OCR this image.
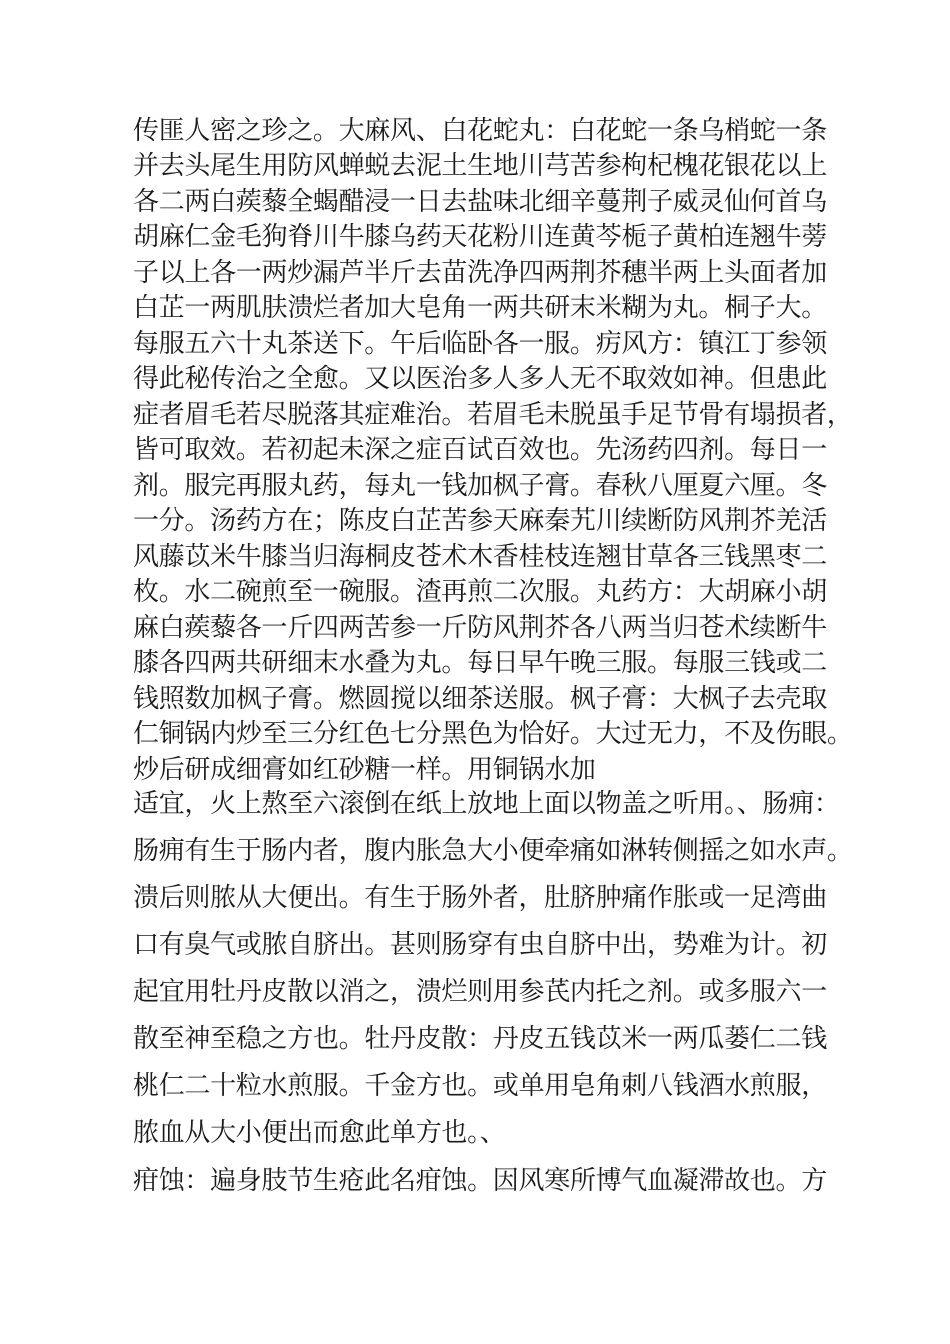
传匪人密之珍之。大麻风、白花蛇丸：白花蛇一条乌梢蛇一条
并去头尾生用防风蝉蜕去泥土生地川芎苦参枸杞槐花银花以上
各二两白蒺藜全蝎醋浸一日去盐味北细辛蔓荆子威灵仙何首乌
胡麻仁金毛狗脊川牛膝乌药天花粉川连黄芩栀子黄柏连翘牛蒡
子以上各一两炒漏芦半斤去苗洗净四两荆芥穗半两上头面者加
白芷一两肌肤溃烂者加大皂角一两共研末米糊为丸。桐子大。
每服五六十丸茶送下。午后临卧各一服。疠风方：镇江丁参领
得此秘传治之全愈。又以医治多人多人无不取效如神。但患此
症者眉毛若尽脱落其症难治。若眉毛未脱虽手足节骨有塌损者，
皆可取效。若初起未深之症百试百效也。先汤药四剂。每日一
剂。服完再服丸药，每丸一钱加枫子膏。春秋八厘夏六厘。冬
一分。汤药方在；陈皮白芷苦参天麻秦艽川续断防风荆芥羌活
风藤苡米牛膝当归海桐皮苍术木香桂枝连翘甘草各三钱黑枣二
枚。水二碗煎至一碗服。渣再煎二次服。丸药方：大胡麻小胡
麻白蒺藜各一斤四两苦参一斤防风荆芥各八两当归苍术续断牛
膝各四两共研细末水叠为丸。每日早午晚三服。每服三钱或二
钱照数加枫子膏。燃圆搅以细茶送服。枫子膏：大枫子去壳取
仁铜锅内炒至三分红色七分黑色为恰好。大过无力，不及伤眼。
炒后研成细膏如红砂糖一样。用铜锅水加
适宜，火上熬至六滚倒在纸上放地上面以物盖之听用。、肠痈：
肠痈有生于肠内者，腹内胀急大小便牵痛如淋转侧摇之如水声。
溃后则脓从大便出。有生于肠外者，肚脐肿痛作胀或一足湾曲
口有臭气或脓自脐出。甚则肠穿有虫自脐中出，势难为计。初
起宜用牡丹皮散以消之，溃烂则用参芪内托之剂。或多服六一
散至神至稳之方也。牡丹皮散：丹皮五钱苡米一两瓜蒌仁二钱
桃仁二十粒水煎服。千金方也。或单用皂角刺八钱酒水煎服，
脓血从大小便出而愈此单方也。、
疳蚀：遍身肢节生疮此名疳蚀。因风寒所博气血凝滞故也。方
